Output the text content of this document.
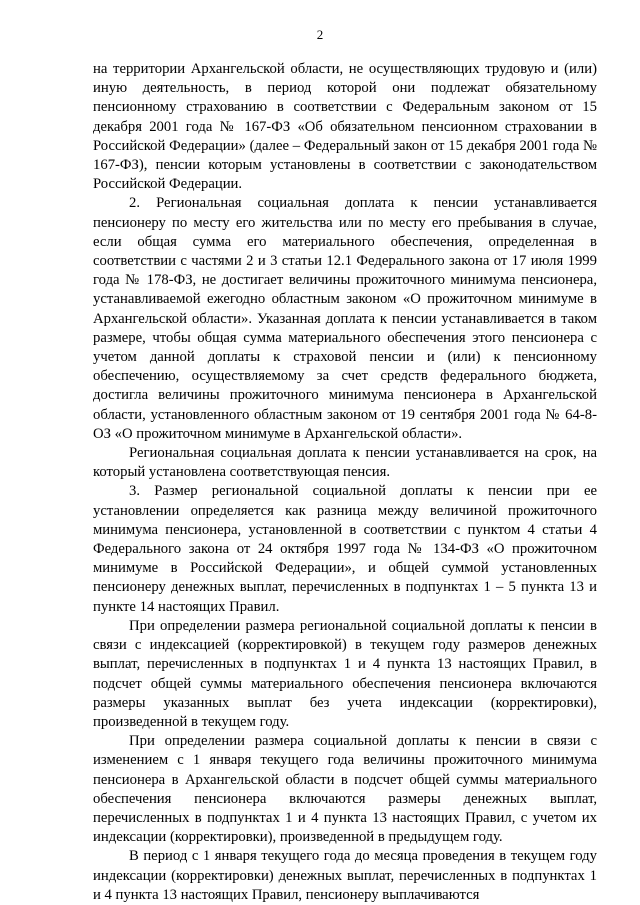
2

на территории Архангельской области, не осуществляющих трудовую и (или) иную деятельность, в период которой они подлежат обязательному пенсионному страхованию в соответствии с Федеральным законом от 15 декабря 2001 года № 167-ФЗ «Об обязательном пенсионном страховании в Российской Федерации» (далее – Федеральный закон от 15 декабря 2001 года № 167-ФЗ), пенсии которым установлены в соответствии с законодательством Российской Федерации.

2. Региональная социальная доплата к пенсии устанавливается пенсионеру по месту его жительства или по месту его пребывания в случае, если общая сумма его материального обеспечения, определенная в соответствии с частями 2 и 3 статьи 12.1 Федерального закона от 17 июля 1999 года № 178-ФЗ, не достигает величины прожиточного минимума пенсионера, устанавливаемой ежегодно областным законом «О прожиточном минимуме в Архангельской области». Указанная доплата к пенсии устанавливается в таком размере, чтобы общая сумма материального обеспечения этого пенсионера с учетом данной доплаты к страховой пенсии и (или) к пенсионному обеспечению, осуществляемому за счет средств федерального бюджета, достигла величины прожиточного минимума пенсионера в Архангельской области, установленного областным законом от 19 сентября 2001 года № 64-8-ОЗ «О прожиточном минимуме в Архангельской области».

Региональная социальная доплата к пенсии устанавливается на срок, на который установлена соответствующая пенсия.

3. Размер региональной социальной доплаты к пенсии при ее установлении определяется как разница между величиной прожиточного минимума пенсионера, установленной в соответствии с пунктом 4 статьи 4 Федерального закона от 24 октября 1997 года № 134-ФЗ «О прожиточном минимуме в Российской Федерации», и общей суммой установленных пенсионеру денежных выплат, перечисленных в подпунктах 1 – 5 пункта 13 и пункте 14 настоящих Правил.

При определении размера региональной социальной доплаты к пенсии в связи с индексацией (корректировкой) в текущем году размеров денежных выплат, перечисленных в подпунктах 1 и 4 пункта 13 настоящих Правил, в подсчет общей суммы материального обеспечения пенсионера включаются размеры указанных выплат без учета индексации (корректировки), произведенной в текущем году.

При определении размера социальной доплаты к пенсии в связи с изменением с 1 января текущего года величины прожиточного минимума пенсионера в Архангельской области в подсчет общей суммы материального обеспечения пенсионера включаются размеры денежных выплат, перечисленных в подпунктах 1 и 4 пункта 13 настоящих Правил, с учетом их индексации (корректировки), произведенной в предыдущем году.

В период с 1 января текущего года до месяца проведения в текущем году индексации (корректировки) денежных выплат, перечисленных в подпунктах 1 и 4 пункта 13 настоящих Правил, пенсионеру выплачиваются
